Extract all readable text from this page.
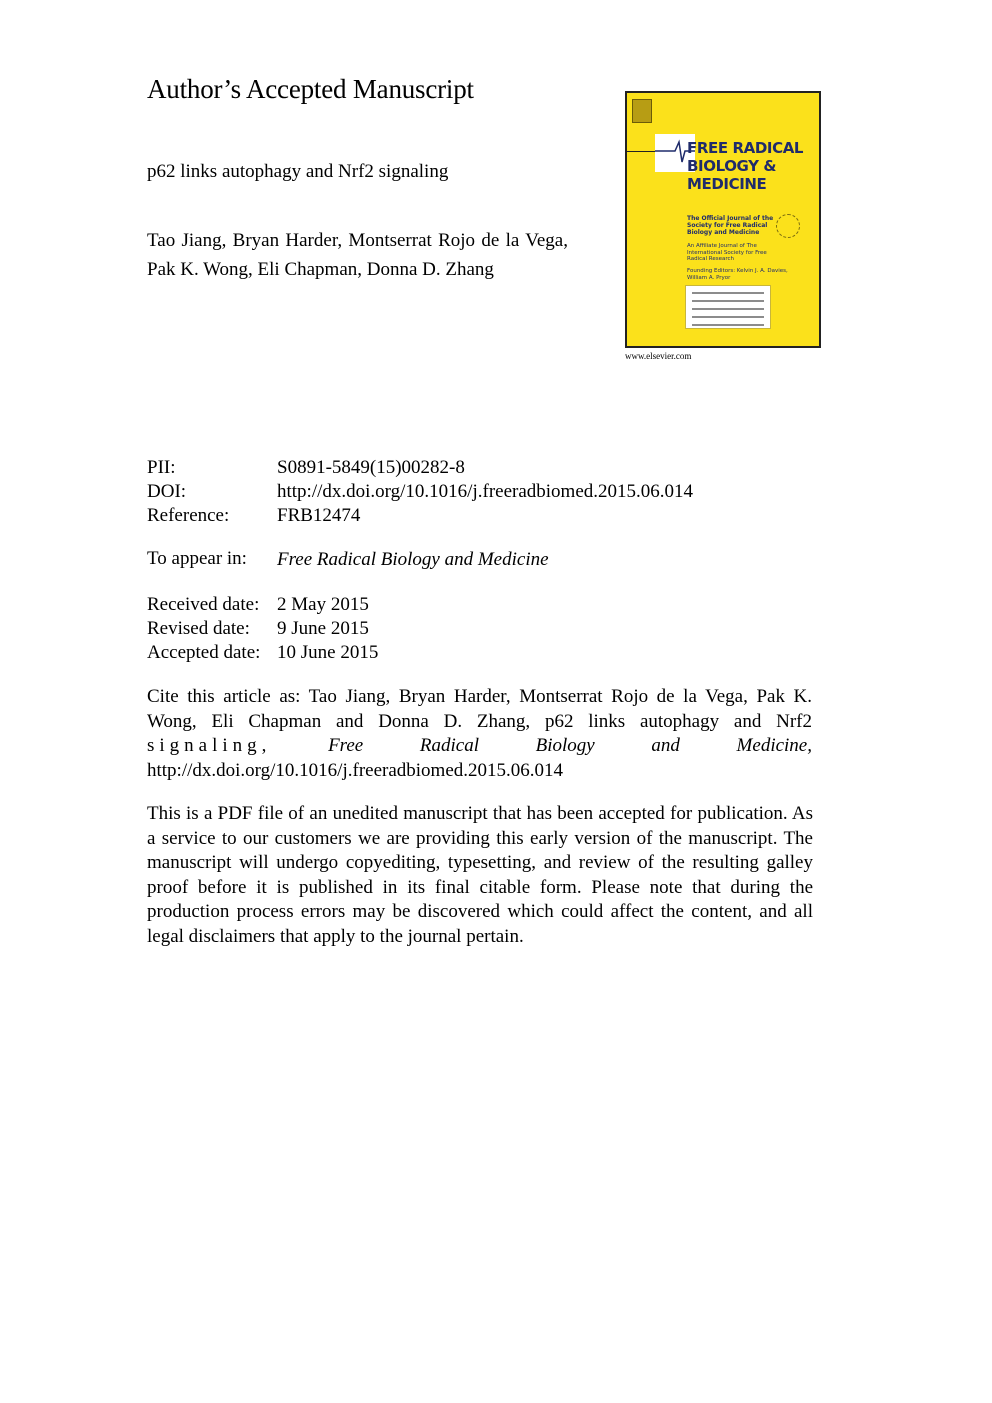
Author’s Accepted Manuscript
p62 links autophagy and Nrf2 signaling
Tao Jiang, Bryan Harder, Montserrat Rojo de la Vega, Pak K. Wong, Eli Chapman, Donna D. Zhang
FREE RADICAL BIOLOGY & MEDICINE
The Official Journal of the Society for Free Radical Biology and Medicine
An Affiliate Journal of The International Society for Free Radical Research
Founding Editors: Kelvin J. A. Davies, William A. Pryor
www.elsevier.com
PII:	S0891-5849(15)00282-8
DOI:	http://dx.doi.org/10.1016/j.freeradbiomed.2015.06.014
Reference:	FRB12474
To appear in: Free Radical Biology and Medicine
Received date: 2 May 2015
Revised date: 9 June 2015
Accepted date: 10 June 2015
Cite this article as: Tao Jiang, Bryan Harder, Montserrat Rojo de la Vega, Pak K.
Wong, Eli Chapman and Donna D. Zhang, p62 links autophagy and Nrf2
signaling,	Free Radical Biology and Medicine,
http://dx.doi.org/10.1016/j.freeradbiomed.2015.06.014
This is a PDF file of an unedited manuscript that has been accepted for publication. As a service to our customers we are providing this early version of the manuscript. The manuscript will undergo copyediting, typesetting, and review of the resulting galley proof before it is published in its final citable form. Please note that during the production process errors may be discovered which could affect the content, and all legal disclaimers that apply to the journal pertain.
